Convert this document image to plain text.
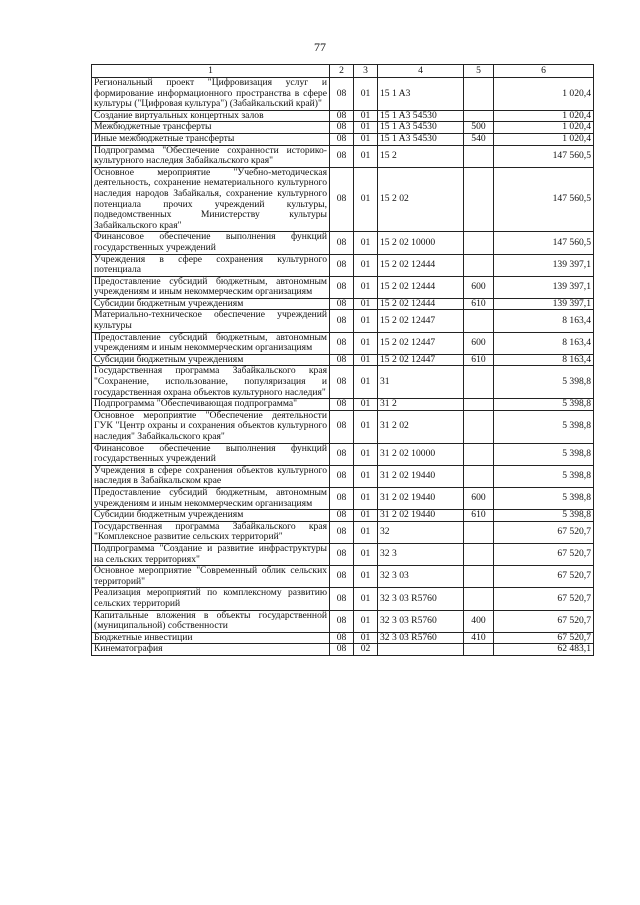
77
1	2	3	4	5	6
Региональный проект "Цифровизация услуг и формирование информационного пространства в сфере культуры ("Цифровая культура") (Забайкальский край)"	08	01	15 1 A3		1 020,4
Создание виртуальных концертных залов	08	01	15 1 A3 54530		1 020,4
Межбюджетные трансферты	08	01	15 1 A3 54530	500	1 020,4
Иные межбюджетные трансферты	08	01	15 1 A3 54530	540	1 020,4
Подпрограмма "Обеспечение сохранности историко-культурного наследия Забайкальского края"	08	01	15 2		147 560,5
Основное мероприятие "Учебно-методическая деятельность, сохранение нематериального культурного наследия народов Забайкалья, сохранение культурного потенциала прочих учреждений культуры, подведомственных Министерству культуры Забайкальского края"	08	01	15 2 02		147 560,5
Финансовое обеспечение выполнения функций государственных учреждений	08	01	15 2 02 10000		147 560,5
Учреждения в сфере сохранения культурного потенциала	08	01	15 2 02 12444		139 397,1
Предоставление субсидий бюджетным, автономным учреждениям и иным некоммерческим организациям	08	01	15 2 02 12444	600	139 397,1
Субсидии бюджетным учреждениям	08	01	15 2 02 12444	610	139 397,1
Материально-техническое обеспечение учреждений культуры	08	01	15 2 02 12447		8 163,4
Предоставление субсидий бюджетным, автономным учреждениям и иным некоммерческим организациям	08	01	15 2 02 12447	600	8 163,4
Субсидии бюджетным учреждениям	08	01	15 2 02 12447	610	8 163,4
Государственная программа Забайкальского края "Сохранение, использование, популяризация и государственная охрана объектов культурного наследия"	08	01	31		5 398,8
Подпрограмма "Обеспечивающая подпрограмма"	08	01	31 2		5 398,8
Основное мероприятие "Обеспечение деятельности ГУК "Центр охраны и сохранения объектов культурного наследия" Забайкальского края"	08	01	31 2 02		5 398,8
Финансовое обеспечение выполнения функций государственных учреждений	08	01	31 2 02 10000		5 398,8
Учреждения в сфере сохранения объектов культурного наследия в Забайкальском крае	08	01	31 2 02 19440		5 398,8
Предоставление субсидий бюджетным, автономным учреждениям и иным некоммерческим организациям	08	01	31 2 02 19440	600	5 398,8
Субсидии бюджетным учреждениям	08	01	31 2 02 19440	610	5 398,8
Государственная программа Забайкальского края "Комплексное развитие сельских территорий"	08	01	32		67 520,7
Подпрограмма "Создание и развитие инфраструктуры на сельских территориях"	08	01	32 3		67 520,7
Основное мероприятие "Современный облик сельских территорий"	08	01	32 3 03		67 520,7
Реализация мероприятий по комплексному развитию сельских территорий	08	01	32 3 03 R5760		67 520,7
Капитальные вложения в объекты государственной (муниципальной) собственности	08	01	32 3 03 R5760	400	67 520,7
Бюджетные инвестиции	08	01	32 3 03 R5760	410	67 520,7
Кинематография	08	02			62 483,1
